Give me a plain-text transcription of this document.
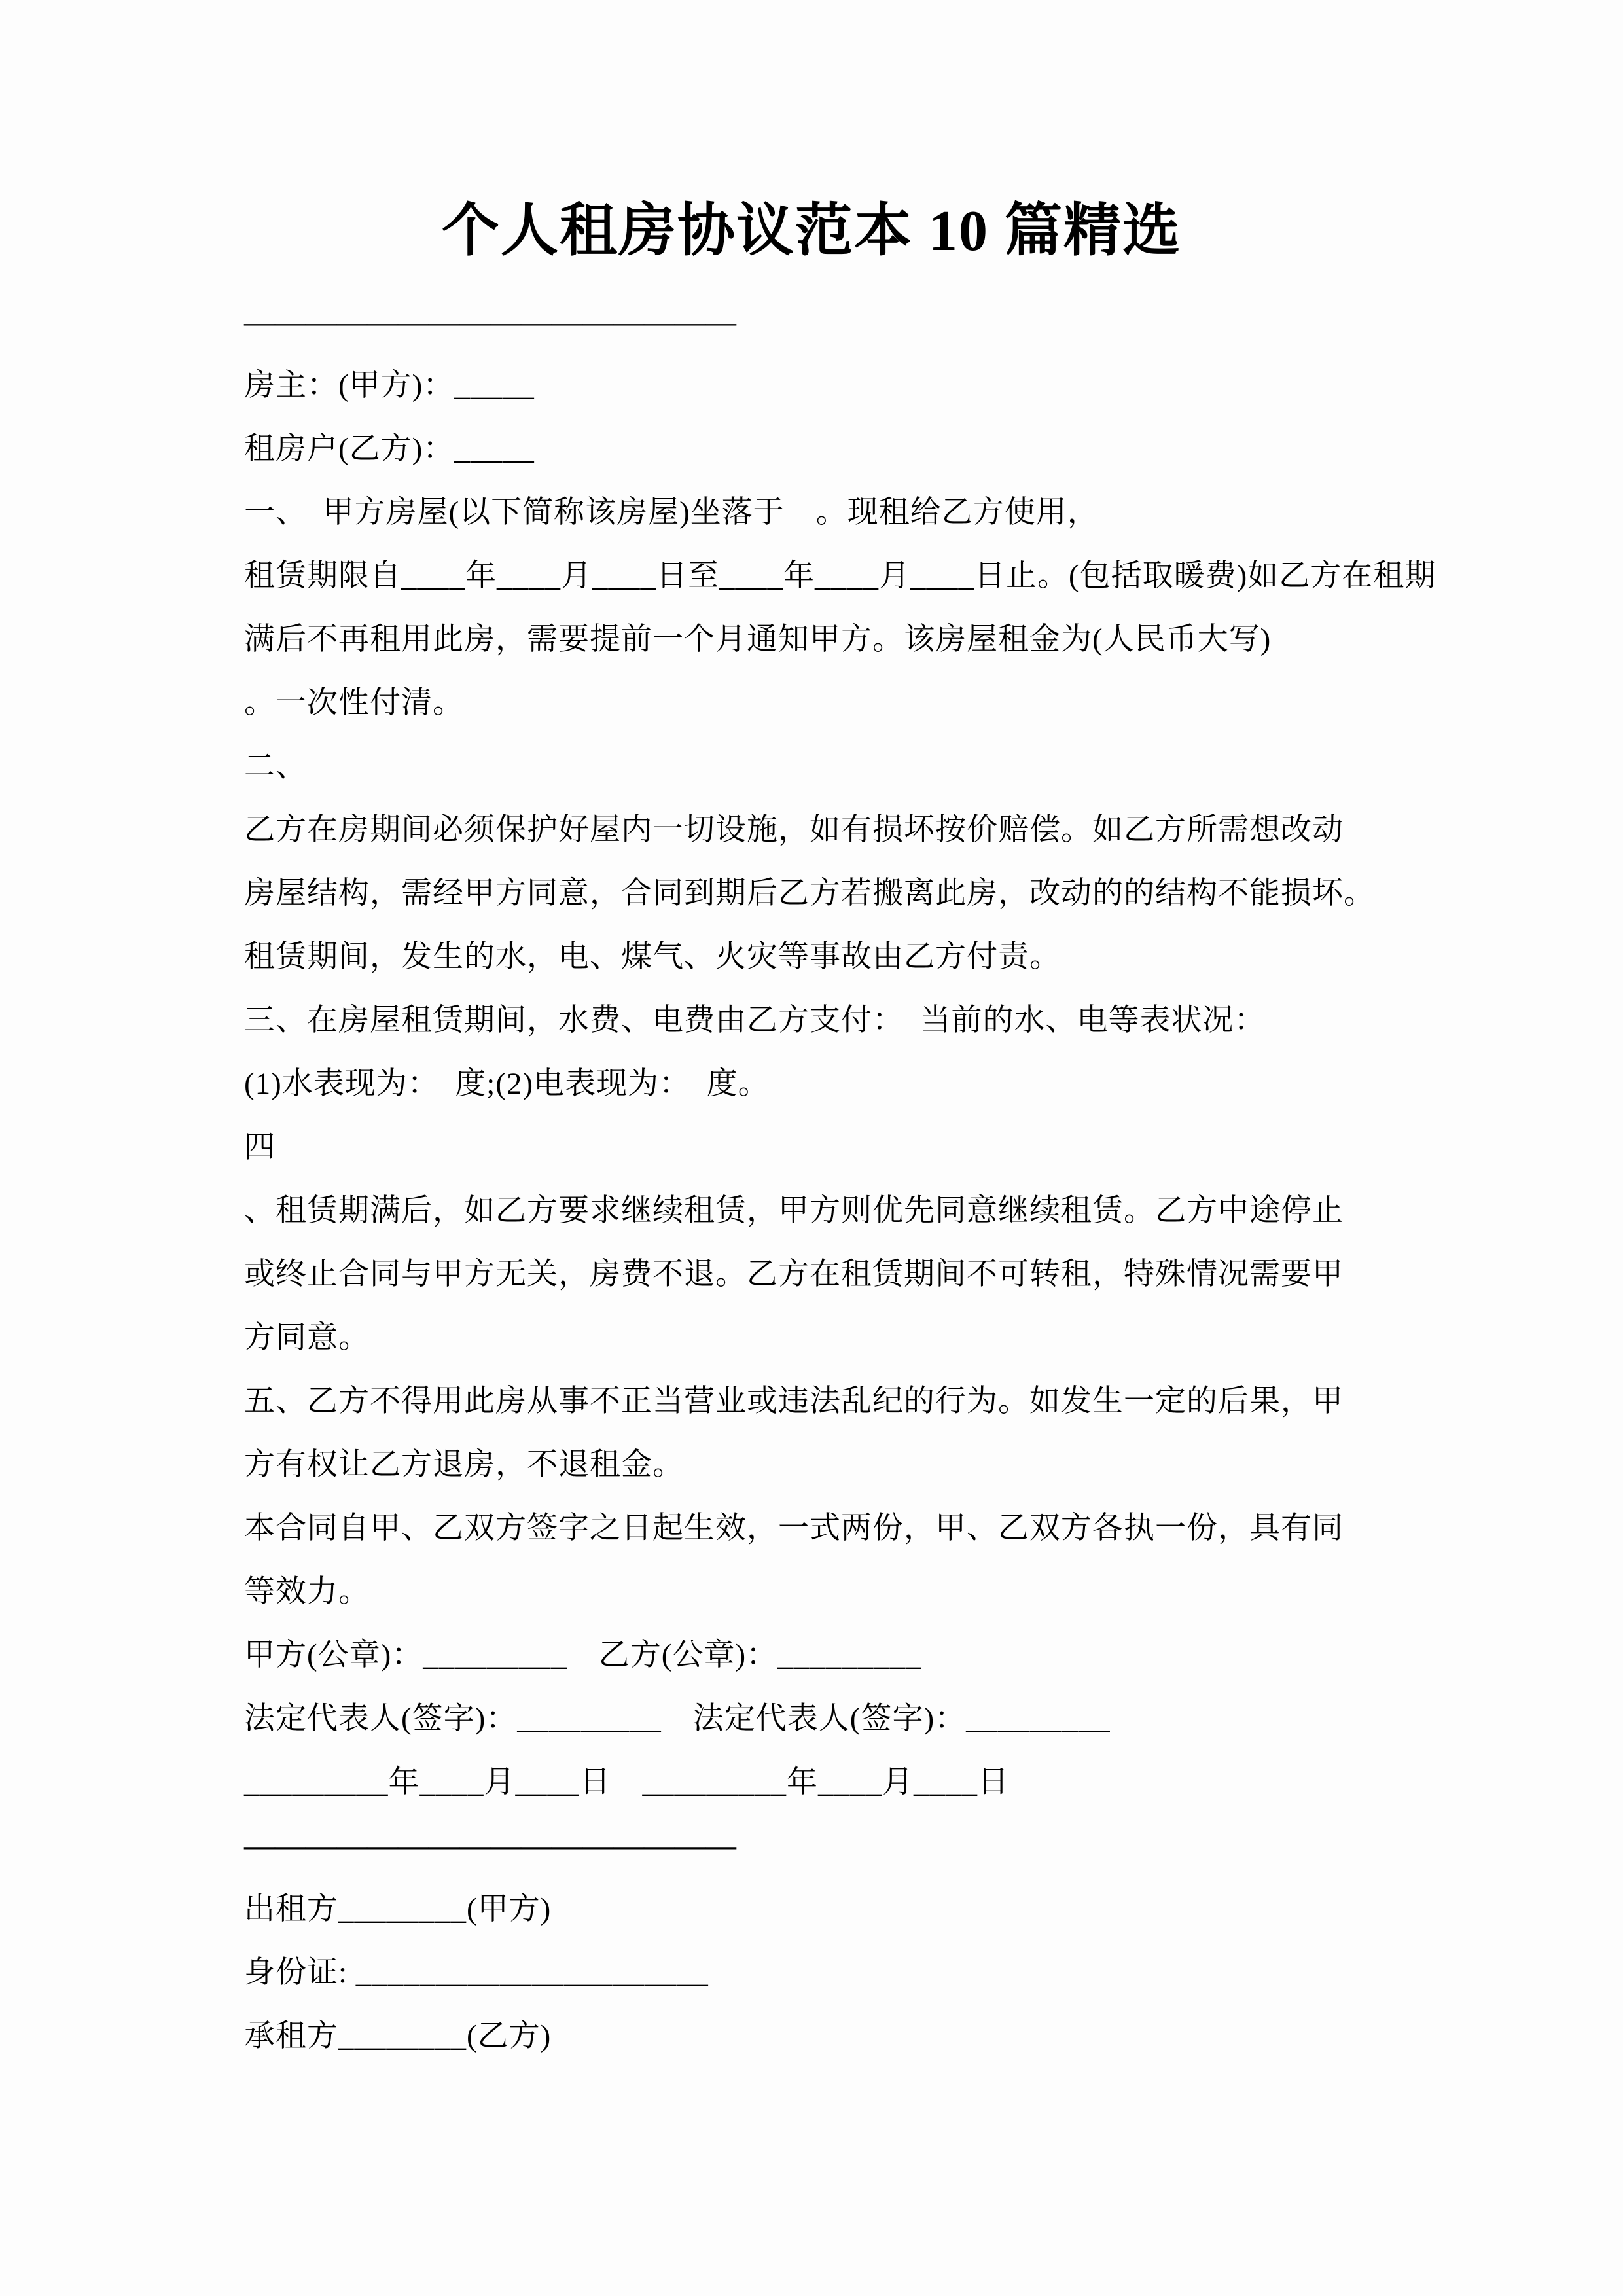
个人租房协议范本 10 篇精选
————————————————
房主：(甲方)：_____
租房户(乙方)：_____
一、　甲方房屋(以下简称该房屋)坐落于　。现租给乙方使用，
租赁期限自____年____月____日至____年____月____日止。(包括取暖费)如乙方在租期
满后不再租用此房，需要提前一个月通知甲方。该房屋租金为(人民币大写)
。一次性付清。
二、
乙方在房期间必须保护好屋内一切设施，如有损坏按价赔偿。如乙方所需想改动
房屋结构，需经甲方同意，合同到期后乙方若搬离此房，改动的的结构不能损坏。
租赁期间，发生的水，电、煤气、火灾等事故由乙方付责。
三、在房屋租赁期间，水费、电费由乙方支付：　当前的水、电等表状况：
(1)水表现为：　度;(2)电表现为：　度。
四
、租赁期满后，如乙方要求继续租赁，甲方则优先同意继续租赁。乙方中途停止
或终止合同与甲方无关，房费不退。乙方在租赁期间不可转租，特殊情况需要甲
方同意。
五、乙方不得用此房从事不正当营业或违法乱纪的行为。如发生一定的后果，甲
方有权让乙方退房，不退租金。
本合同自甲、乙双方签字之日起生效，一式两份，甲、乙双方各执一份，具有同
等效力。
甲方(公章)：_________　乙方(公章)：_________
法定代表人(签字)：_________　法定代表人(签字)：_________
_________年____月____日　_________年____月____日
————————————————
出租方________(甲方)
身份证: ______________________
承租方________(乙方)
